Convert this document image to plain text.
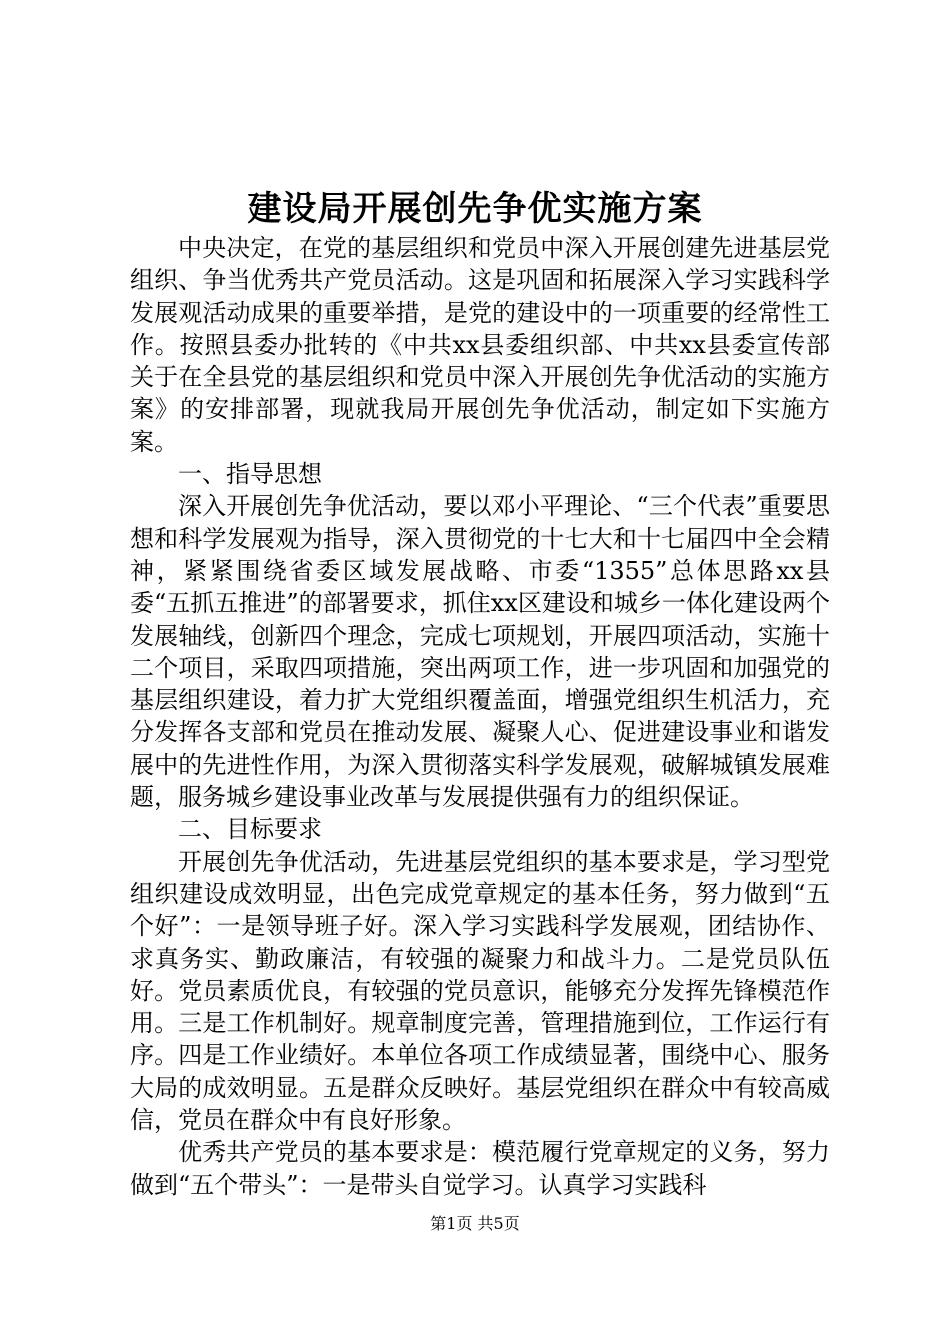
建设局开展创先争优实施方案

中央决定，在党的基层组织和党员中深入开展创建先进基层党组织、争当优秀共产党员活动。这是巩固和拓展深入学习实践科学发展观活动成果的重要举措，是党的建设中的一项重要的经常性工作。按照县委办批转的《中共xx县委组织部、中共xx县委宣传部关于在全县党的基层组织和党员中深入开展创先争优活动的实施方案》的安排部署，现就我局开展创先争优活动，制定如下实施方案。

一、指导思想

深入开展创先争优活动，要以邓小平理论、“三个代表”重要思想和科学发展观为指导，深入贯彻党的十七大和十七届四中全会精神，紧紧围绕省委区域发展战略、市委“1355”总体思路xx县委“五抓五推进”的部署要求，抓住xx区建设和城乡一体化建设两个发展轴线，创新四个理念，完成七项规划，开展四项活动，实施十二个项目，采取四项措施，突出两项工作，进一步巩固和加强党的基层组织建设，着力扩大党组织覆盖面，增强党组织生机活力，充分发挥各支部和党员在推动发展、凝聚人心、促进建设事业和谐发展中的先进性作用，为深入贯彻落实科学发展观，破解城镇发展难题，服务城乡建设事业改革与发展提供强有力的组织保证。

二、目标要求

开展创先争优活动，先进基层党组织的基本要求是，学习型党组织建设成效明显，出色完成党章规定的基本任务，努力做到“五个好”：一是领导班子好。深入学习实践科学发展观，团结协作、求真务实、勤政廉洁，有较强的凝聚力和战斗力。二是党员队伍好。党员素质优良，有较强的党员意识，能够充分发挥先锋模范作用。三是工作机制好。规章制度完善，管理措施到位，工作运行有序。四是工作业绩好。本单位各项工作成绩显著，围绕中心、服务大局的成效明显。五是群众反映好。基层党组织在群众中有较高威信，党员在群众中有良好形象。

优秀共产党员的基本要求是：模范履行党章规定的义务，努力做到“五个带头”：一是带头自觉学习。认真学习实践科

第1页 共5页
